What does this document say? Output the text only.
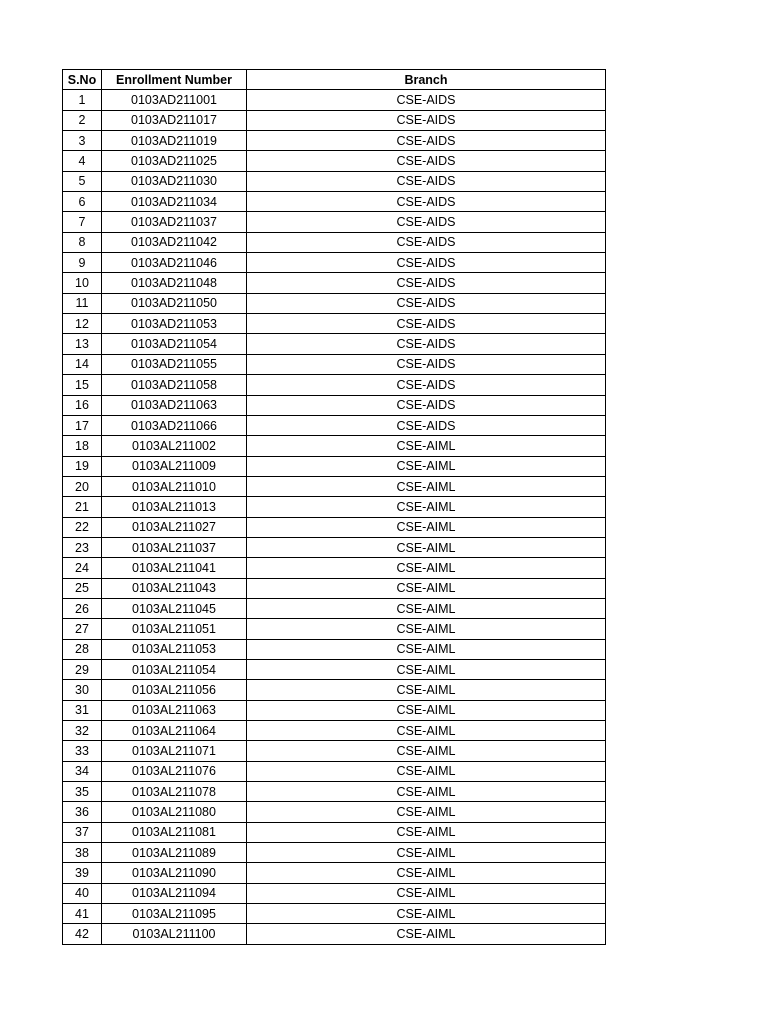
S.No	Enrollment Number	Branch
1	0103AD211001	CSE-AIDS
2	0103AD211017	CSE-AIDS
3	0103AD211019	CSE-AIDS
4	0103AD211025	CSE-AIDS
5	0103AD211030	CSE-AIDS
6	0103AD211034	CSE-AIDS
7	0103AD211037	CSE-AIDS
8	0103AD211042	CSE-AIDS
9	0103AD211046	CSE-AIDS
10	0103AD211048	CSE-AIDS
11	0103AD211050	CSE-AIDS
12	0103AD211053	CSE-AIDS
13	0103AD211054	CSE-AIDS
14	0103AD211055	CSE-AIDS
15	0103AD211058	CSE-AIDS
16	0103AD211063	CSE-AIDS
17	0103AD211066	CSE-AIDS
18	0103AL211002	CSE-AIML
19	0103AL211009	CSE-AIML
20	0103AL211010	CSE-AIML
21	0103AL211013	CSE-AIML
22	0103AL211027	CSE-AIML
23	0103AL211037	CSE-AIML
24	0103AL211041	CSE-AIML
25	0103AL211043	CSE-AIML
26	0103AL211045	CSE-AIML
27	0103AL211051	CSE-AIML
28	0103AL211053	CSE-AIML
29	0103AL211054	CSE-AIML
30	0103AL211056	CSE-AIML
31	0103AL211063	CSE-AIML
32	0103AL211064	CSE-AIML
33	0103AL211071	CSE-AIML
34	0103AL211076	CSE-AIML
35	0103AL211078	CSE-AIML
36	0103AL211080	CSE-AIML
37	0103AL211081	CSE-AIML
38	0103AL211089	CSE-AIML
39	0103AL211090	CSE-AIML
40	0103AL211094	CSE-AIML
41	0103AL211095	CSE-AIML
42	0103AL211100	CSE-AIML
